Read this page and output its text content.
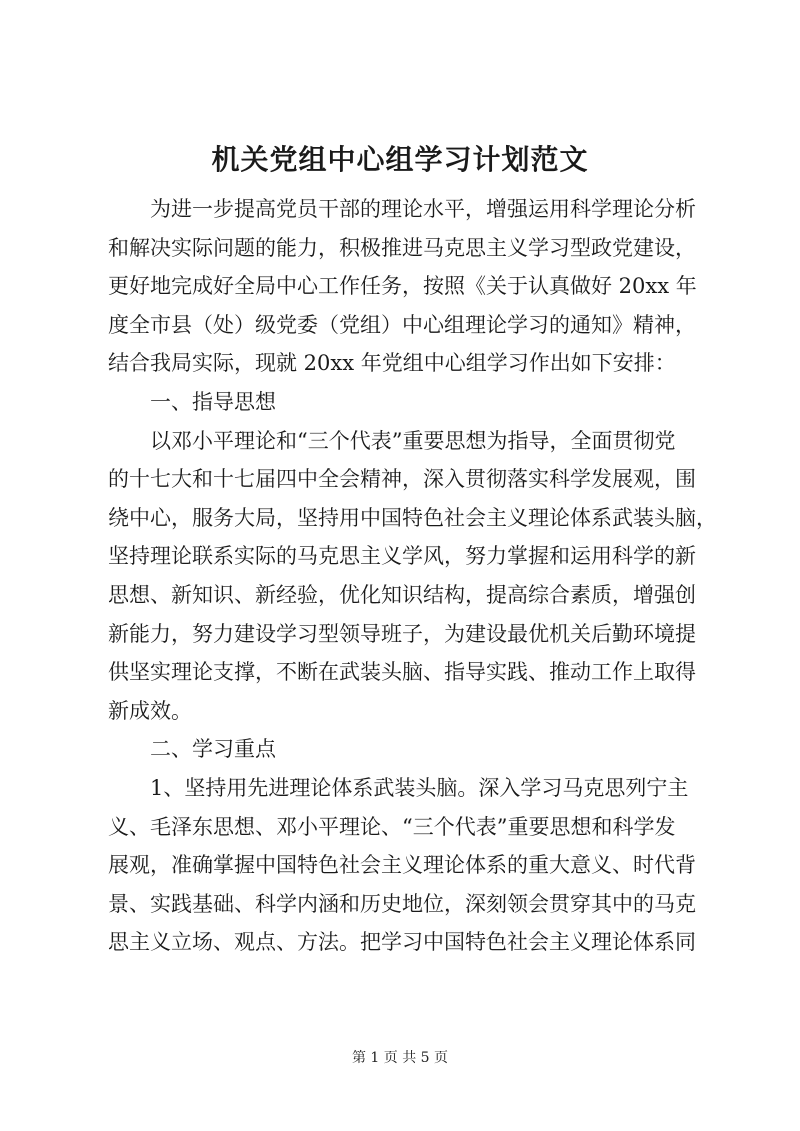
机关党组中心组学习计划范文
为进一步提高党员干部的理论水平，增强运用科学理论分析
和解决实际问题的能力，积极推进马克思主义学习型政党建设，
更好地完成好全局中心工作任务，按照《关于认真做好 20xx 年
度全市县（处）级党委（党组）中心组理论学习的通知》精神，
结合我局实际，现就 20xx 年党组中心组学习作出如下安排：
一、指导思想
以邓小平理论和“三个代表”重要思想为指导，全面贯彻党
的十七大和十七届四中全会精神，深入贯彻落实科学发展观，围
绕中心，服务大局，坚持用中国特色社会主义理论体系武装头脑，
坚持理论联系实际的马克思主义学风，努力掌握和运用科学的新
思想、新知识、新经验，优化知识结构，提高综合素质，增强创
新能力，努力建设学习型领导班子，为建设最优机关后勤环境提
供坚实理论支撑，不断在武装头脑、指导实践、推动工作上取得
新成效。
二、学习重点
1、坚持用先进理论体系武装头脑。深入学习马克思列宁主
义、毛泽东思想、邓小平理论、“三个代表”重要思想和科学发
展观，准确掌握中国特色社会主义理论体系的重大意义、时代背
景、实践基础、科学内涵和历史地位，深刻领会贯穿其中的马克
思主义立场、观点、方法。把学习中国特色社会主义理论体系同
第 1 页 共 5 页
